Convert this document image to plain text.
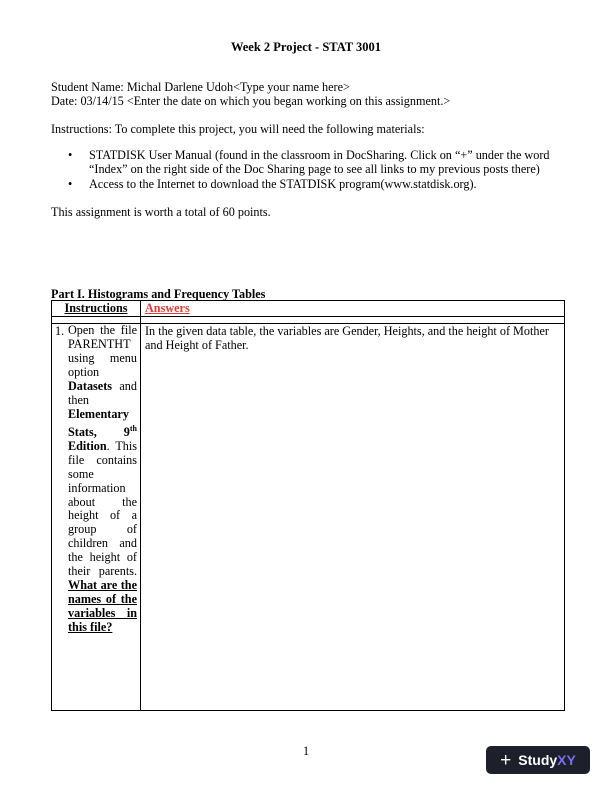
Week 2 Project - STAT 3001
Student Name: Michal Darlene Udoh<Type your name here>
Date: 03/14/15 <Enter the date on which you began working on this assignment.>
Instructions: To complete this project, you will need the following materials:
• STATDISK User Manual (found in the classroom in DocSharing. Click on “+” under the word “Index” on the right side of the Doc Sharing page to see all links to my previous posts there)
• Access to the Internet to download the STATDISK program(www.statdisk.org).
This assignment is worth a total of 60 points.
Part I. Histograms and Frequency Tables
Instructions	Answers

1. Open the file PARENTHT using menu option Datasets and then Elementary Stats, 9th Edition. This file contains some information about the height of a group of children and the height of their parents. What are the names of the variables in this file?	In the given data table, the variables are Gender, Heights, and the height of Mother and Height of Father.
1	+ Study XY
